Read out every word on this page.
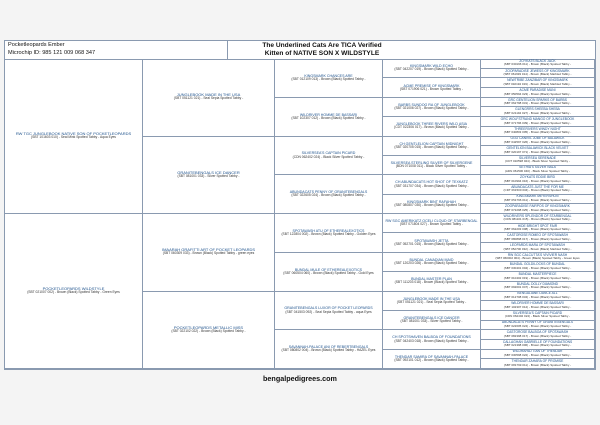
Pocketleopards Ember
Microchip ID: 985 121 009 068 347
The Underlined Cats Are TICA Verified
Kitten of NATIVE SON X WILDSTYLE
RW TGC JUNGLEBOOK NATIVE SON OF POCKETLEOPARDS
(SBT 101603 010) - Seal Mink Spotted Tabby - Aqua Eyes
POCKETLEOPARDS WILDSTYLE
(SBT 021007 002) - Brown (Black) Spotted Tabby - Green Eyes
JUNGLEBOOK MADE IN THE USA
(SBT 051121 021) - Seal Sepia Spotted Tabby -
GRANITEBENGALS ICE DANCER
(SBT 081001 033) - Silver Spotted Tabby -
IMAARAH GRAFITTI ART OF POCKET LEOPARDS
(SBT 060309 033) - Brown (Black) Spotted Tabby - green eyes
POCKETLEOPARDS METALLIC MISS
(SBT 022102 022) - Brown (Black) Spotted Tabby -
KINGSMARK CHANCES ARE
(SBT 012109 013) - Brown (Black) Spotted Tabby -
WILDRIVER HOMME DE BASSARI
(SBT 102307 012) - Brown (Black) Spotted Tabby -
SILVERSEA'S CAPTAIN PICARD
(CDN 062402 024) - Black Silver Spotted Tabby -
ABUNDACATS PENNY OF GRANITEBENGALS
(SBT 022605 024) - Brown (Black) Spotted Tabby -
SPOTAWASH ATU OF ETHEREALEXOTICS
(SBT 122804 002) - Brown (Black) Spotted Tabby - Golden Eyes
BUNDAL MULE OF ETHEREALEXOTICS
(SBT 060504 060) - Brown (Black) Spotted Tabby - Gold Eyes
GRANITEBENGALS LUXOR OF POCKET LEOPARDS
(SBT 041503 092) - Seal Sepia Spotted Tabby - aqua Eyes
SAVANNAH-PALACE ANI OF REBERTBENGALS
(SBT 080802 004) - Brown (Black) Spotted Tabby - HAZEL Eyes
KINGSMARK WILD ECHO
(SBT 042207 019) - Brown (Black) Spotted Tabby -
ACME PREMISE OF KINGSMARK
(SBT 071906 021) - Brown Spotted Tabby -
BARBS SUNDOG RA OF JUNGLEBOOK
(SBT 021006 027) - Brown (Black) Spotted Tabby -
JUNGLEBOOK THREE RIVERS WILD ASIA
(CDT 022306 017) - Brown (Black) Spotted Tabby -
CH GENTLELION CAPTAIN MIDNIGHT
(SBT 020705 015) - Brown (Black) Spotted Tabby -
SILVERSEA STERLING SILVER OF SILVERGENE
(BDN 071008 011) - Black Silver Spotted Tabby -
CH ABUNDACATS HOT SHOT OF TEXKATZ
(SBT 031707 034) - Brown (Black) Spotted Tabby -
KINGSMARK BINT RAFAHAH
(SBT 080807 030) - Brown (Black) Spotted Tabby -
RW SGC AMERIKATZ OCELI CLOUD OF STARBENGAL
(SBT 071804 027) - Brown Spotted Tabby -
SPOTAWASH JETTA
(SBT 052701 015) - Brown (Black) Spotted Tabby -
BUNDAL CANADIAN MAID
(SBT 120203 026) - Brown (Black) Spotted Tabby -
BUNDAL MASTER PLAN
(SBT 111203 018) - Brown (Black) Spotted Tabby -
JUNGLEBOOK MADE IN THE USA
(SBT 051121 021) - Seal Sepia Spotted Tabby -
GRANITEBENGALS ICE DANCER
(SBT 081001 033) - Silver Spotted Tabby -
CH SPOTSHAVEN BALBOA OF FOUNDATIONS
(SBT 042403 018) - Brown (Black) Spotted Tabby -
THENDAR SAMIRA OF SAVANNAH-PALACE
(SBT 092101 012) - Brown (Black) Spotted Tabby -
ZOYKATS BLACK JACK
(SBT 030196 011) - Brown (Black) Spotted Tabby -
ZOOPARADISE JEWESS OF KINGSMARK
(SBT 061993 014) - Brown (Black) Marbled Tabby -
NEWTRIBE ZANZIBAR OF KINGSMARK
(SBT 032194 019) - Brown (Black) Marbled Tabby -
ACME PARADISE MUNI
(SBT 050594 023) - Brown (Black) Spotted Tabby -
GRC GENTELION SPARKS OF BARBS
(SBT 062798 031) - Brown (Black) Spotted Tabby -
GLENGRRS SHEEBA SHEBA
(SBT 021194 027) - Brown (Black) Spotted Tabby -
GRC WOLFSTRAND MANGO OF JUNGLEBOOK
(SBT 071796 039) - Brown (Black) Spotted Tabby -
THREERIVERS WINDY NIGHT
(SBT 040803 005) - Brown (Black) Spotted Tabby -
GGO CANIVIL JUBE OF BALAWICK
(SBT 042597 026) - Brown (Black) Spotted Tabby -
GENTELION BALAWICK BLACK VELVET
(SBT 020197 071) - Brown (Black) Spotted Tabby -
SILVERSEA SERENADE
(CDT 010598 024) - Black Silver Spotted Tabby -
SETHIA'S SILVER NALA
(ADN 061506 040) - Black Silver Spotted Tabby -
ZOYKATS EDDIE BIRD
(SBT 010994 016) - Brown (Black) Spotted Tabby -
ABUNDACATS JUST THE FOR ME
(CDT 061500 034) - Brown (Black) Spotted Tabby -
KINGSMARK MEYERSHON
(SBT 051796 011) - Brown (Black) Spotted Tabby -
ZOOPARADISE FAIRPOS OF KINGSMARK
(SBT 072298 025) - Brown (Black) Spotted Tabby -
WILDRIVERS SPLENDOR OF STARBENGAL
(CDN 081101 015) - Brown (Black) Spotted Tabby -
HIDE BRIGHT SPOT FAIR
(SBT 062203 008) - Brown (Black) Spotted Tabby -
CASTOROSE ROMEO OF SPOTAWASH
(SBT 080898 017) - Brown (Black) Spotted Tabby -
LEOPARDS MARA OF SPOTAWASH
(SBT 052700 032) - Brown (Black) Marbled Tabby -
RW SGC CALCUTTA'S VIVIVIER NASH
(SBT 060002 004) - Brown (Black) Spotted Tabby - Green Eyes
BUNDAL GOLDILOCKS OF BUNDAL
(SBT 030401 004) - Brown (Black) Spotted Tabby -
BUNDAL MASTERPIECE
(SBT 010402 019) - Brown (Black) Spotted Tabby -
BUNDAL DOLLY DIAMOND
(SBT 092001 047) - Brown (Black) Spotted Tabby -
BENGALIANE DANCE ALL
(SBT 012708 034) - Brown (Black) Spotted Tabby -
WILDRIVER HOMME DE BASSARI
(SBT 102307 012) - Brown (Black) Spotted Tabby -
SILVERSEA'S CAPTAIN PICARD
(CDN 062402 024) - Black Silver Spotted Tabby -
ABUNDACATS PENNY OF GRANITEBENGALS
(SBT 022605 024) - Brown (Black) Spotted Tabby -
CASTOROSE BALBOA OF SPOTAWASH
(SBT 082398 017) - Brown (Black) Spotted Tabby -
CALLAGHAN GABRIELLE OF FOUNDATIONS
(SBT 021398 006) - Brown (Black) Spotted Tabby -
WILDRAHAJ TIAN OF THENDAR
(SBT 030598 022) - Brown (Black) Spotted Tabby -
THENDAR ZAHARA OF PROMISE
(SBT 081799 011) - Brown (Black) Spotted Tabby -
bengalpedigrees.com
